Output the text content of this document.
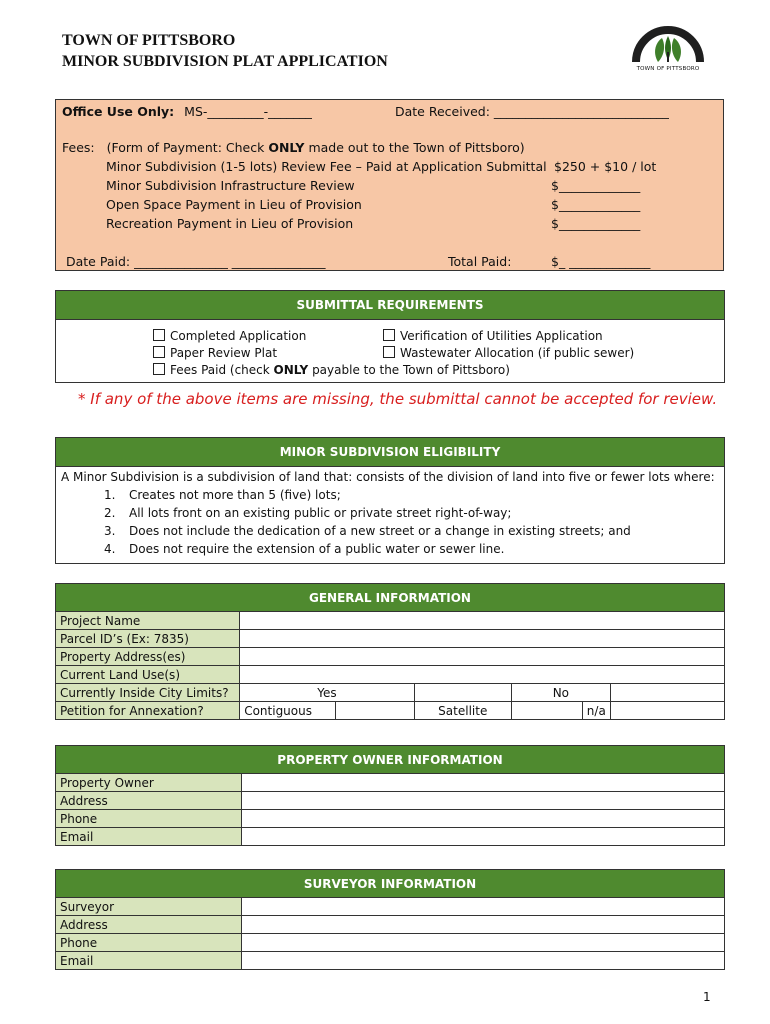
TOWN OF PITTSBORO
MINOR SUBDIVISION PLAT APPLICATION	TOWN OF PITTSBORO
Office Use Only: MS-_________-_______	Date Received: ____________________________
Fees: (Form of Payment: Check ONLY made out to the Town of Pittsboro)
Minor Subdivision (1-5 lots) Review Fee – Paid at Application Submittal $250 + $10 / lot
Minor Subdivision Infrastructure Review	$_____________
Open Space Payment in Lieu of Provision	$_____________
Recreation Payment in Lieu of Provision	$_____________
Date Paid: _______________ _______________	Total Paid:	$_ _____________
SUBMITTAL REQUIREMENTS
Completed Application	Verification of Utilities Application
Paper Review Plat	Wastewater Allocation (if public sewer)
Fees Paid (check ONLY payable to the Town of Pittsboro)
* If any of the above items are missing, the submittal cannot be accepted for review.
MINOR SUBDIVISION ELIGIBILITY
A Minor Subdivision is a subdivision of land that: consists of the division of land into five or fewer lots where:
1. Creates not more than 5 (five) lots;
2. All lots front on an existing public or private street right-of-way;
3. Does not include the dedication of a new street or a change in existing streets; and
4. Does not require the extension of a public water or sewer line.
GENERAL INFORMATION						
Project Name						
Parcel ID’s (Ex: 7835)						
Property Address(es)						
Current Land Use(s)						
Currently Inside City Limits?	Yes			No		
Petition for Annexation?	Contiguous		Satellite		n/a	
PROPERTY OWNER INFORMATION	
Property Owner	
Address	
Phone	
Email	
SURVEYOR INFORMATION	
Surveyor	
Address	
Phone	
Email	
1
